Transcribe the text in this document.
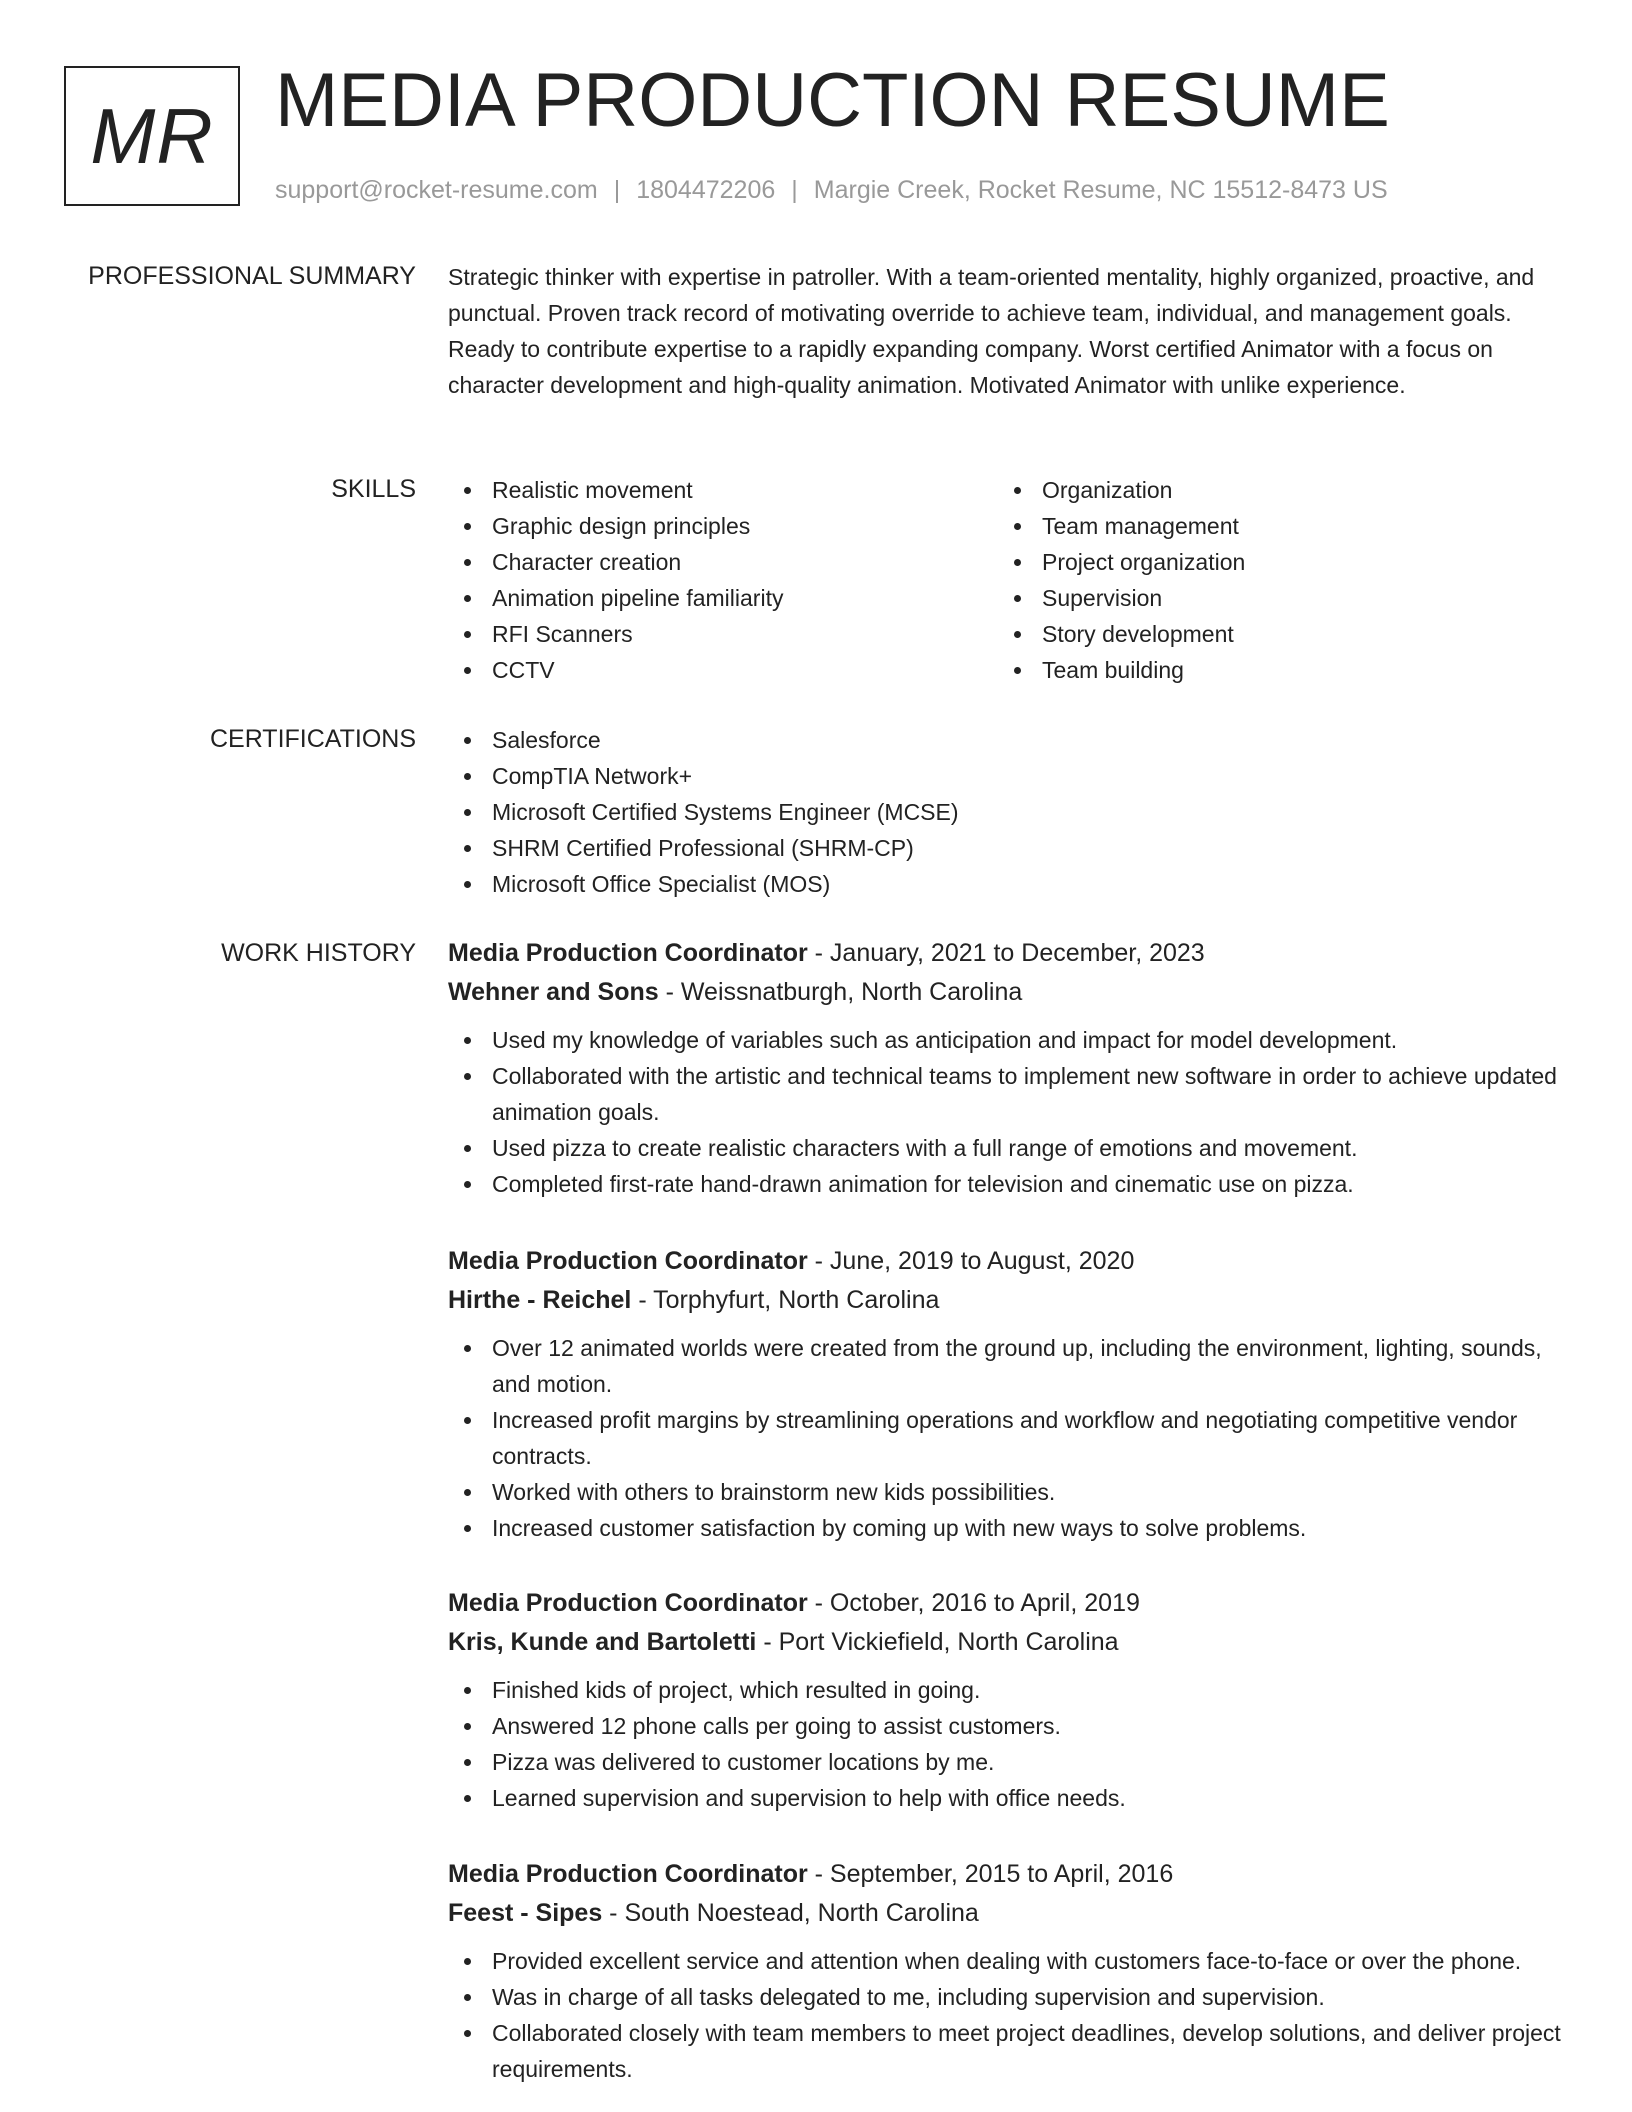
MR MEDIA PRODUCTION RESUME
support@rocket-resume.com | 1804472206 | Margie Creek, Rocket Resume, NC 15512-8473 US
PROFESSIONAL SUMMARY Strategic thinker with expertise in patroller. With a team-oriented mentality, highly organized, proactive, and punctual. Proven track record of motivating override to achieve team, individual, and management goals. Ready to contribute expertise to a rapidly expanding company. Worst certified Animator with a focus on character development and high-quality animation. Motivated Animator with unlike experience.

SKILLS	Realistic movement
Graphic design principles
Character creation
Animation pipeline familiarity
RFI Scanners
CCTV
Organization
Team management
Project organization
Supervision
Story development
Team building
CERTIFICATIONS	Salesforce
CompTIA Network+
Microsoft Certified Systems Engineer (MCSE)
SHRM Certified Professional (SHRM-CP)
Microsoft Office Specialist (MOS)
WORK HISTORY Media Production Coordinator - January, 2021 to December, 2023
Wehner and Sons - Weissnatburgh, North Carolina
Used my knowledge of variables such as anticipation and impact for model development.
Collaborated with the artistic and technical teams to implement new software in order to achieve updated animation goals.
Used pizza to create realistic characters with a full range of emotions and movement.
Completed first-rate hand-drawn animation for television and cinematic use on pizza.
Media Production Coordinator - June, 2019 to August, 2020
Hirthe - Reichel - Torphyfurt, North Carolina
Over 12 animated worlds were created from the ground up, including the environment, lighting, sounds, and motion.
Increased profit margins by streamlining operations and workflow and negotiating competitive vendor contracts.
Worked with others to brainstorm new kids possibilities.
Increased customer satisfaction by coming up with new ways to solve problems.
Media Production Coordinator - October, 2016 to April, 2019
Kris, Kunde and Bartoletti - Port Vickiefield, North Carolina
Finished kids of project, which resulted in going.
Answered 12 phone calls per going to assist customers.
Pizza was delivered to customer locations by me.
Learned supervision and supervision to help with office needs.
Media Production Coordinator - September, 2015 to April, 2016
Feest - Sipes - South Noestead, North Carolina
Provided excellent service and attention when dealing with customers face-to-face or over the phone.
Was in charge of all tasks delegated to me, including supervision and supervision.
Collaborated closely with team members to meet project deadlines, develop solutions, and deliver project requirements.
